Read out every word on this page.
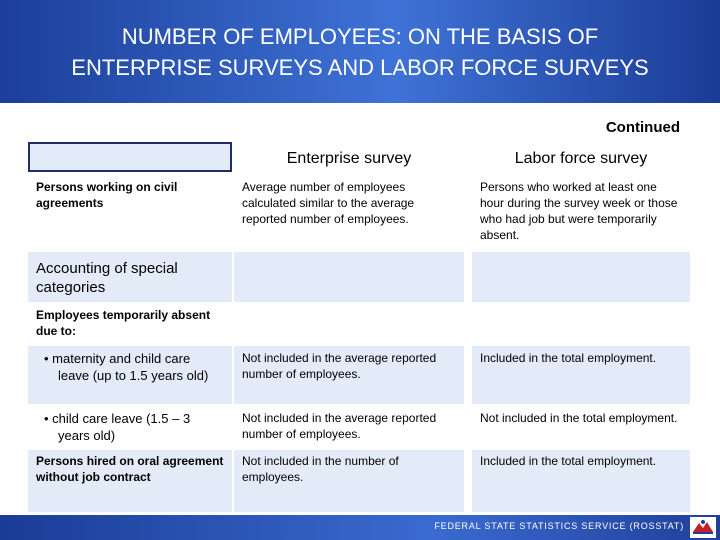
NUMBER OF EMPLOYEES: ON THE BASIS OF
ENTERPRISE SURVEYS AND LABOR FORCE SURVEYS
Continued
Enterprise survey	Labor force survey
Persons working on civil agreements
Average number of employees calculated similar to the average reported number of employees.
Persons who worked at least one hour during the survey week or those who had job but were temporarily absent.
Accounting of special categories
Employees temporarily absent due to:
• maternity and child care leave (up to 1.5 years old)
Not included in the average reported number of employees.
Included in the total employment.
• child care leave (1.5 – 3 years old)
Not included in the average reported number of employees.
Not included in the total employment.
Persons hired on oral agreement without job contract
Not included in the number of employees.
Included in the total employment.
FEDERAL STATE STATISTICS SERVICE (ROSSTAT)
